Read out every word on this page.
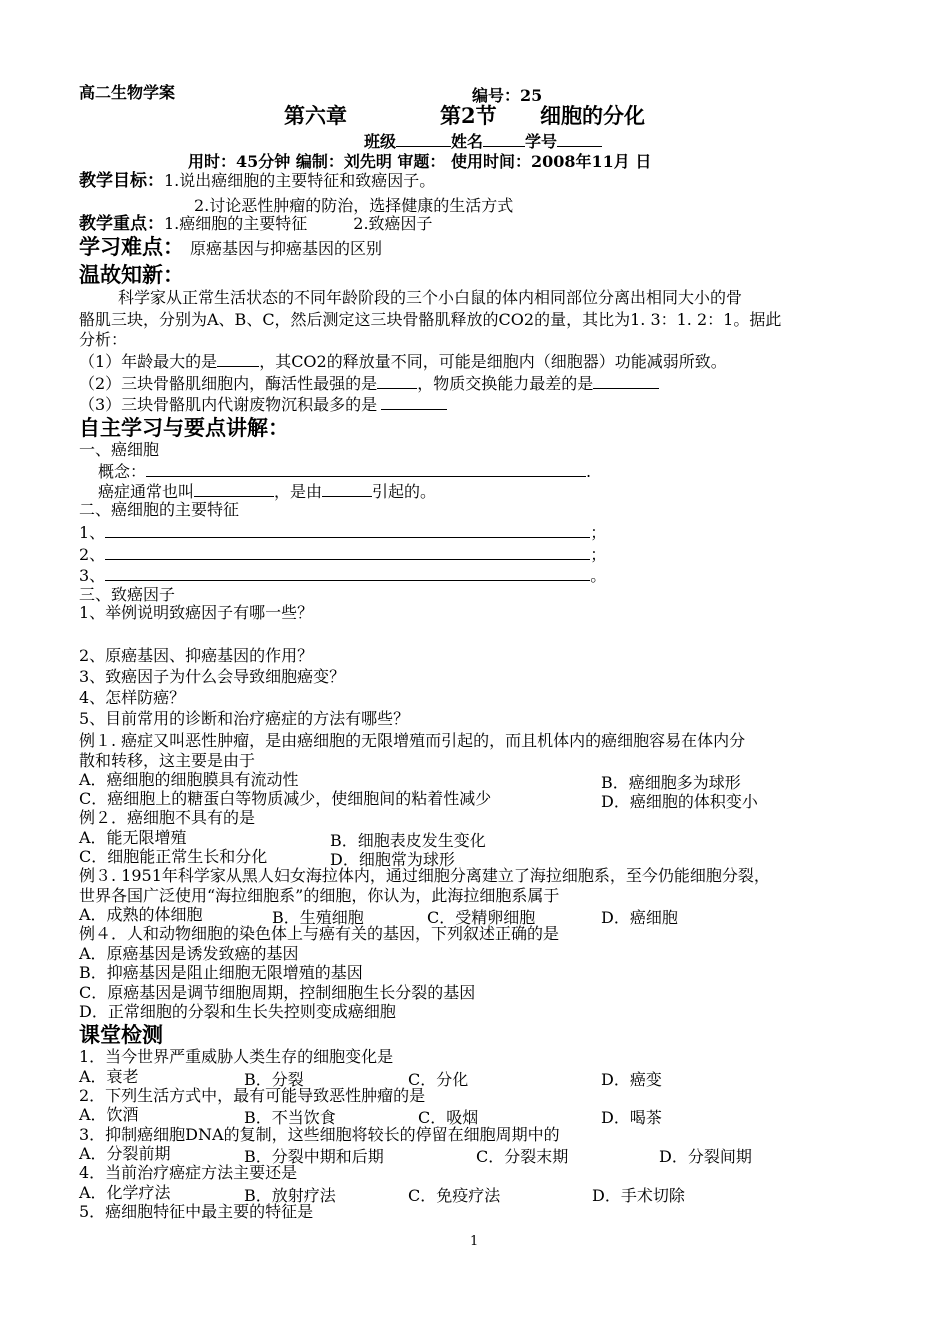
高二生物学案	编号：25
第六章	第2节 细胞的分化
班级	姓名	学号
用时：45分钟 编制：刘先明 审题： 使用时间：2008年11月 日
教学目标：1.说出癌细胞的主要特征和致癌因子。
2.讨论恶性肿瘤的防治，选择健康的生活方式
教学重点：1.癌细胞的主要特征	2.致癌因子
学习难点： 原癌基因与抑癌基因的区别
温故知新：
科学家从正常生活状态的不同年龄阶段的三个小白鼠的体内相同部位分离出相同大小的骨
骼肌三块，分别为A、B、C，然后测定这三块骨骼肌释放的CO2的量，其比为1. 3：1. 2：1。据此
分析：
（1）年龄最大的是	，其CO2的释放量不同，可能是细胞内（细胞器）功能减弱所致。
（2）三块骨骼肌细胞内，酶活性最强的是	，物质交换能力最差的是
（3）三块骨骼肌内代谢废物沉积最多的是
自主学习与要点讲解：
一、癌细胞
概念：	.
癌症通常也叫	，是由	引起的。
二、癌细胞的主要特征
1、	；
2、	；
3、	。
三、致癌因子
1、举例说明致癌因子有哪一些？
2、原癌基因、抑癌基因的作用？
3、致癌因子为什么会导致细胞癌变？
4、怎样防癌？
5、目前常用的诊断和治疗癌症的方法有哪些？
例１. 癌症又叫恶性肿瘤，是由癌细胞的无限增殖而引起的，而且机体内的癌细胞容易在体内分
散和转移，这主要是由于
A．癌细胞的细胞膜具有流动性	B．癌细胞多为球形
C．癌细胞上的糖蛋白等物质减少，使细胞间的粘着性减少	D．癌细胞的体积变小
例２．癌细胞不具有的是
A．能无限增殖	B．细胞表皮发生变化
C．细胞能正常生长和分化	D．细胞常为球形
例３. 1951年科学家从黑人妇女海拉体内，通过细胞分离建立了海拉细胞系，至今仍能细胞分裂，
世界各国广泛使用“海拉细胞系”的细胞，你认为，此海拉细胞系属于
A．成熟的体细胞	B．生殖细胞	C．受精卵细胞	D．癌细胞
例４．人和动物细胞的染色体上与癌有关的基因，下列叙述正确的是
A．原癌基因是诱发致癌的基因
B．抑癌基因是阻止细胞无限增殖的基因
C．原癌基因是调节细胞周期，控制细胞生长分裂的基因
D．正常细胞的分裂和生长失控则变成癌细胞
课堂检测
1．当今世界严重威胁人类生存的细胞变化是
A．衰老	B．分裂	C．分化	D．癌变
2．下列生活方式中，最有可能导致恶性肿瘤的是
A．饮酒	B．不当饮食	C．吸烟	D．喝茶
3．抑制癌细胞DNA的复制，这些细胞将较长的停留在细胞周期中的
A．分裂前期	B．分裂中期和后期	C．分裂末期	D．分裂间期
4．当前治疗癌症方法主要还是
A．化学疗法	B．放射疗法	C．免疫疗法	D．手术切除
5．癌细胞特征中最主要的特征是
1
